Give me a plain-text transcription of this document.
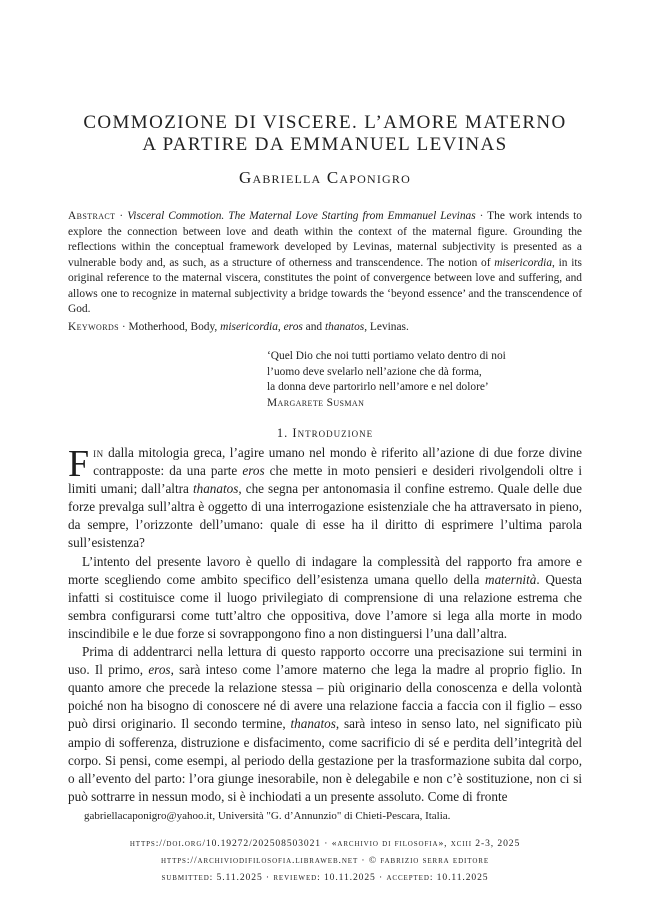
COMMOZIONE DI VISCERE. L’AMORE MATERNO
A PARTIRE DA EMMANUEL LEVINAS
Gabriella Caponigro
Abstract · Visceral Commotion. The Maternal Love Starting from Emmanuel Levinas · The work intends to explore the connection between love and death within the context of the maternal figure. Grounding the reflections within the conceptual framework developed by Levinas, maternal subjectivity is presented as a vulnerable body and, as such, as a structure of otherness and transcendence. The notion of misericordia, in its original reference to the maternal viscera, constitutes the point of convergence between love and suffering, and allows one to recognize in maternal subjectivity a bridge towards the ‘beyond essence’ and the transcendence of God.
Keywords · Motherhood, Body, misericordia, eros and thanatos, Levinas.
‘Quel Dio che noi tutti portiamo velato dentro di noi
l’uomo deve svelarlo nell’azione che dà forma,
la donna deve partorirlo nell’amore e nel dolore’
Margarete Susman
1. Introduzione

Fin dalla mitologia greca, l’agire umano nel mondo è riferito all’azione di due forze divine contrapposte: da una parte eros che mette in moto pensieri e desideri rivolgendoli oltre i limiti umani; dall’altra thanatos, che segna per antonomasia il confine estremo. Quale delle due forze prevalga sull’altra è oggetto di una interrogazione esistenziale che ha attraversato in pieno, da sempre, l’orizzonte dell’umano: quale di esse ha il diritto di esprimere l’ultima parola sull’esistenza?

L’intento del presente lavoro è quello di indagare la complessità del rapporto fra amore e morte scegliendo come ambito specifico dell’esistenza umana quello della maternità. Questa infatti si costituisce come il luogo privilegiato di comprensione di una relazione estrema che sembra configurarsi come tutt’altro che oppositiva, dove l’amore si lega alla morte in modo inscindibile e le due forze si sovrappongono fino a non distinguersi l’una dall’altra.

Prima di addentrarci nella lettura di questo rapporto occorre una precisazione sui termini in uso. Il primo, eros, sarà inteso come l’amore materno che lega la madre al proprio figlio. In quanto amore che precede la relazione stessa – più originario della conoscenza e della volontà poiché non ha bisogno di conoscere né di avere una relazione faccia a faccia con il figlio – esso può dirsi originario. Il secondo termine, thanatos, sarà inteso in senso lato, nel significato più ampio di sofferenza, distruzione e disfacimento, come sacrificio di sé e perdita dell’integrità del corpo. Si pensi, come esempi, al periodo della gestazione per la trasformazione subita dal corpo, o all’evento del parto: l’ora giunge inesorabile, non è delegabile e non c’è sostituzione, non ci si può sottrarre in nessun modo, si è inchiodati a un presente assoluto. Come di fronte

gabriellacaponigro@yahoo.it, Università "G. d’Annunzio" di Chieti-Pescara, Italia.
https://doi.org/10.19272/202508503021 · «archivio di filosofia», xciii 2-3, 2025
https://archiviodifilosofia.libraweb.net · © fabrizio serra editore
submitted: 5.11.2025 · reviewed: 10.11.2025 · accepted: 10.11.2025
